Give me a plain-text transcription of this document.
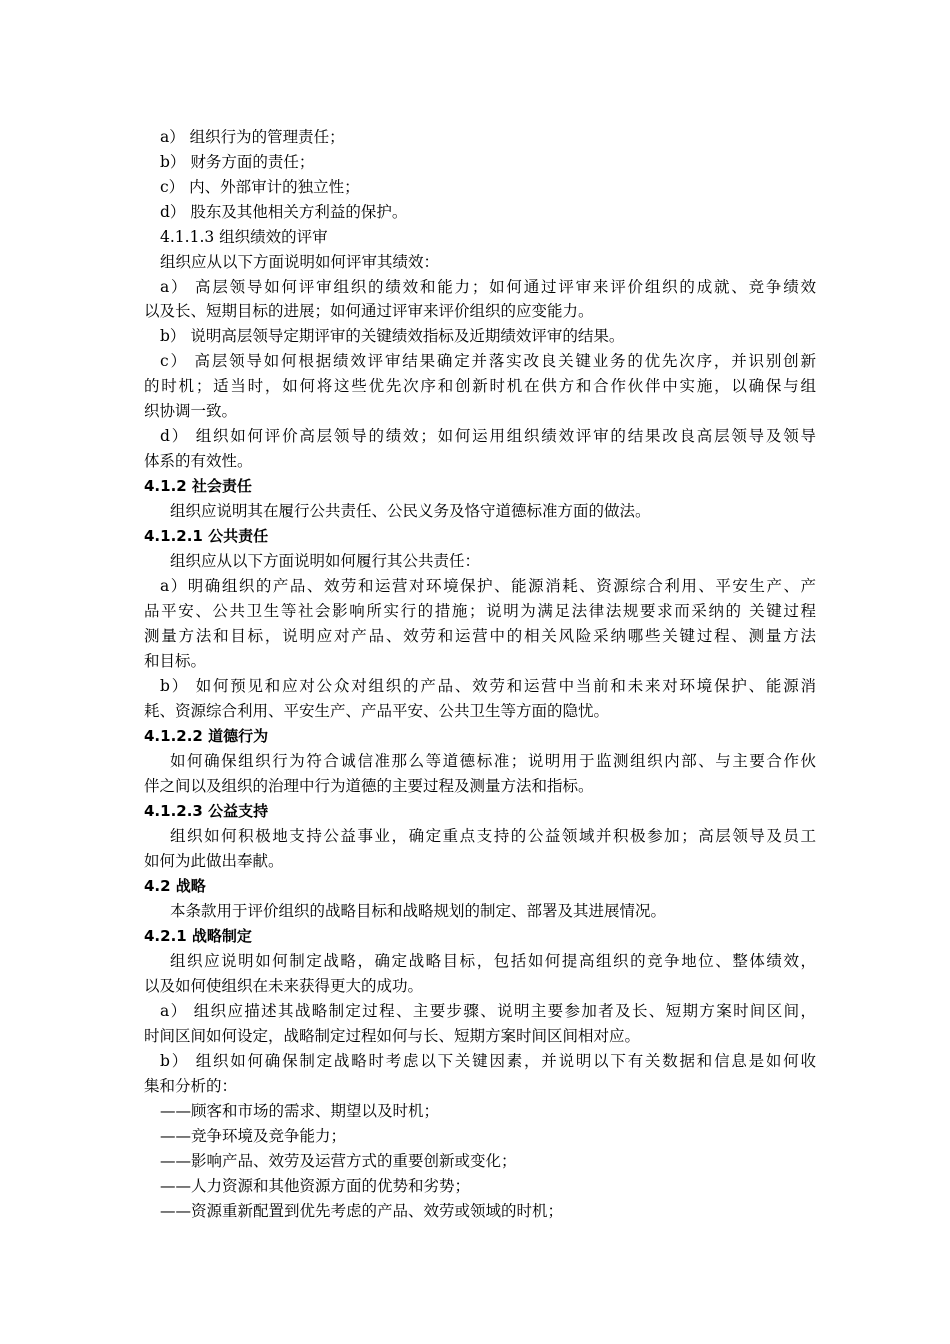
a） 组织行为的管理责任；
b） 财务方面的责任；
c） 内、外部审计的独立性；
d） 股东及其他相关方利益的保护。
4.1.1.3 组织绩效的评审
组织应从以下方面说明如何评审其绩效：
a） 高层领导如何评审组织的绩效和能力；如何通过评审来评价组织的成就、竞争绩效
以及长、短期目标的进展；如何通过评审来评价组织的应变能力。
b） 说明高层领导定期评审的关键绩效指标及近期绩效评审的结果。
c） 高层领导如何根据绩效评审结果确定并落实改良关键业务的优先次序，并识别创新
的时机；适当时，如何将这些优先次序和创新时机在供方和合作伙伴中实施，以确保与组
织协调一致。
d） 组织如何评价高层领导的绩效；如何运用组织绩效评审的结果改良高层领导及领导
体系的有效性。
4.1.2 社会责任
组织应说明其在履行公共责任、公民义务及恪守道德标准方面的做法。
4.1.2.1 公共责任
组织应从以下方面说明如何履行其公共责任：
a）明确组织的产品、效劳和运营对环境保护、能源消耗、资源综合利用、平安生产、产
品平安、公共卫生等社会影响所实行的措施；说明为满足法律法规要求而采纳的 关键过程
测量方法和目标，说明应对产品、效劳和运营中的相关风险采纳哪些关键过程、测量方法
和目标。
b） 如何预见和应对公众对组织的产品、效劳和运营中当前和未来对环境保护、能源消
耗、资源综合利用、平安生产、产品平安、公共卫生等方面的隐忧。
4.1.2.2 道德行为
如何确保组织行为符合诚信准那么等道德标准；说明用于监测组织内部、与主要合作伙
伴之间以及组织的治理中行为道德的主要过程及测量方法和指标。
4.1.2.3 公益支持
组织如何积极地支持公益事业，确定重点支持的公益领域并积极参加；高层领导及员工
如何为此做出奉献。
4.2 战略
本条款用于评价组织的战略目标和战略规划的制定、部署及其进展情况。
4.2.1 战略制定
组织应说明如何制定战略，确定战略目标，包括如何提高组织的竞争地位、整体绩效，
以及如何使组织在未来获得更大的成功。
a） 组织应描述其战略制定过程、主要步骤、说明主要参加者及长、短期方案时间区间，
时间区间如何设定，战略制定过程如何与长、短期方案时间区间相对应。
b） 组织如何确保制定战略时考虑以下关键因素，并说明以下有关数据和信息是如何收
集和分析的：
——顾客和市场的需求、期望以及时机；
——竞争环境及竞争能力；
——影响产品、效劳及运营方式的重要创新或变化；
——人力资源和其他资源方面的优势和劣势；
——资源重新配置到优先考虑的产品、效劳或领域的时机；
